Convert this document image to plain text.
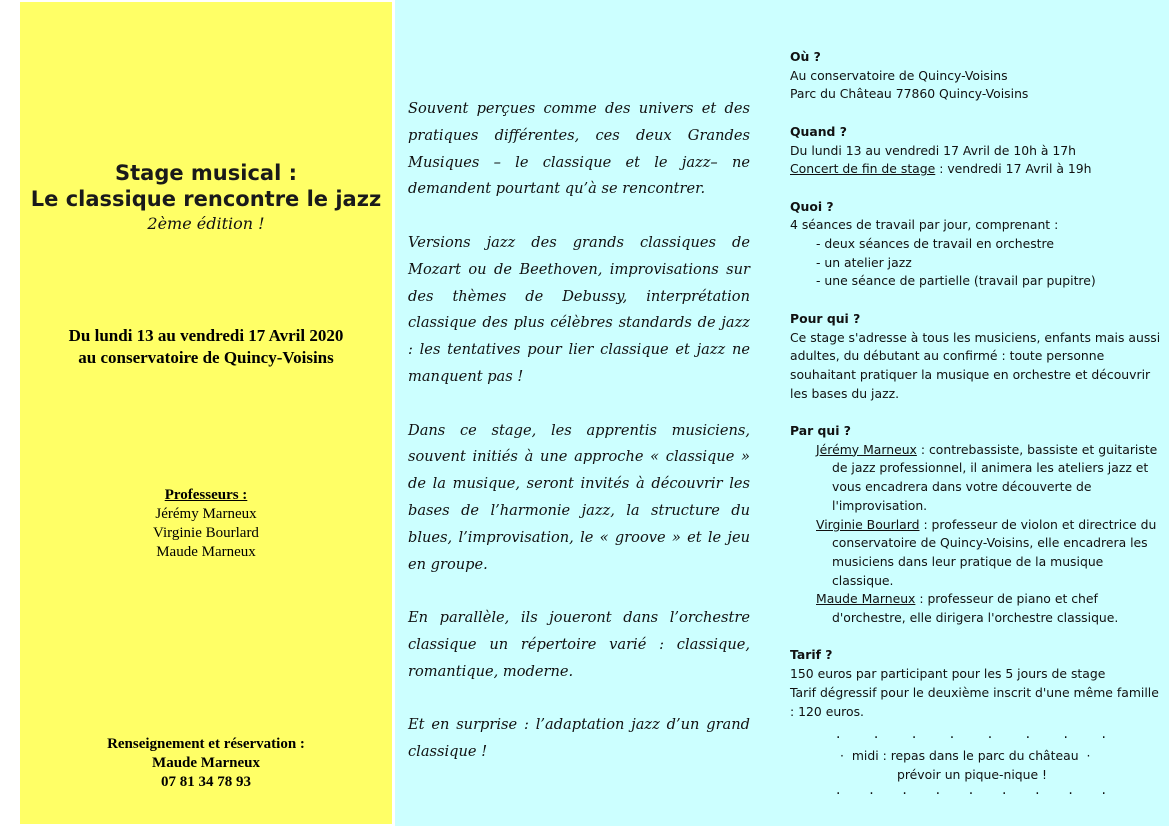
Stage musical :
Le classique rencontre le jazz
2ème édition !
Du lundi 13 au vendredi 17 Avril 2020
au conservatoire de Quincy-Voisins
Professeurs :
Jérémy Marneux
Virginie Bourlard
Maude Marneux
Renseignement et réservation :
Maude Marneux
07 81 34 78 93

Souvent perçues comme des univers et des pratiques différentes, ces deux Grandes Musiques – le classique et le jazz– ne demandent pourtant qu’à se rencontrer.

Versions jazz des grands classiques de Mozart ou de Beethoven, improvisations sur des thèmes de Debussy, interprétation classique des plus célèbres standards de jazz : les tentatives pour lier classique et jazz ne manquent pas !

Dans ce stage, les apprentis musiciens, souvent initiés à une approche « classique » de la musique, seront invités à découvrir les bases de l’harmonie jazz, la structure du blues, l’improvisation, le « groove » et le jeu en groupe.

En parallèle, ils joueront dans l’orchestre classique un répertoire varié : classique, romantique, moderne.

Et en surprise : l’adaptation jazz d’un grand classique !

Où ?
Au conservatoire de Quincy-Voisins
Parc du Château 77860 Quincy-Voisins
Quand ?
Du lundi 13 au vendredi 17 Avril de 10h à 17h
Concert de fin de stage : vendredi 17 Avril à 19h
Quoi ?
4 séances de travail par jour, comprenant :
- deux séances de travail en orchestre
- un atelier jazz
- une séance de partielle (travail par pupitre)
Pour qui ?
Ce stage s'adresse à tous les musiciens, enfants mais aussi adultes, du débutant au confirmé : toute personne souhaitant pratiquer la musique en orchestre et découvrir les bases du jazz.
Par qui ?
Jérémy Marneux : contrebassiste, bassiste et guitariste de jazz professionnel, il animera les ateliers jazz et vous encadrera dans votre découverte de l'improvisation.
Virginie Bourlard : professeur de violon et directrice du conservatoire de Quincy-Voisins, elle encadrera les musiciens dans leur pratique de la musique classique.
Maude Marneux : professeur de piano et chef d'orchestre, elle dirigera l'orchestre classique.
Tarif ?
150 euros par participant pour les 5 jours de stage
Tarif dégressif pour le deuxième inscrit d'une même famille : 120 euros.
. . . . . . . .
·  midi : repas dans le parc du château  ·
prévoir un pique-nique !
. . . . . . . . .
